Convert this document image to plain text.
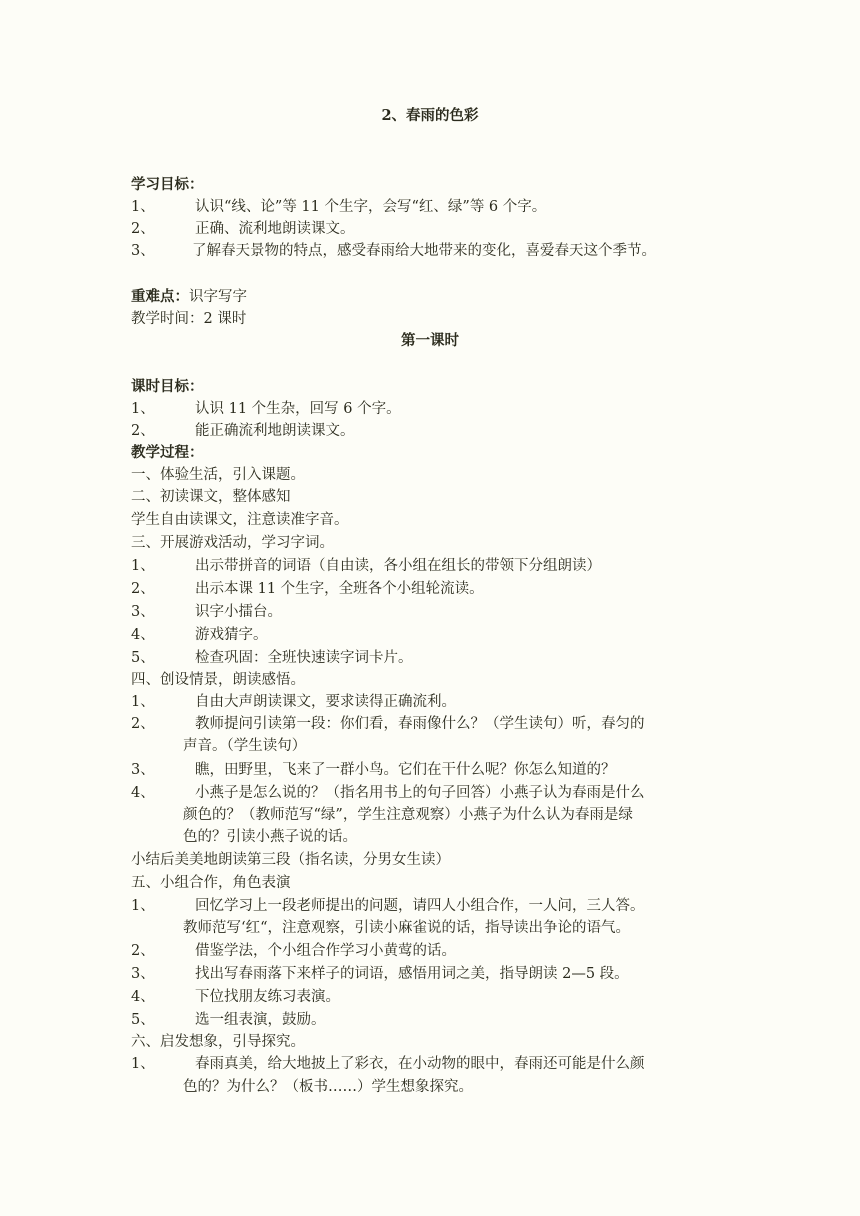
2、春雨的色彩
学习目标：
1、	认识“线、论”等 11 个生字，会写“红、绿”等 6 个字。
2、	正确、流利地朗读课文。
3、	了解春天景物的特点，感受春雨给大地带来的变化，喜爱春天这个季节。
重难点：识字写字
教学时间：2 课时
第一课时
课时目标：
1、	认识 11 个生杂，回写 6 个字。
2、	能正确流利地朗读课文。
教学过程：
一、体验生活，引入课题。
二、初读课文，整体感知
学生自由读课文，注意读准字音。
三、开展游戏活动，学习字词。
1、	出示带拼音的词语（自由读，各小组在组长的带领下分组朗读）
2、	出示本课 11 个生字，全班各个小组轮流读。
3、	识字小擂台。
4、	游戏猜字。
5、	检查巩固：全班快速读字词卡片。
四、创设情景，朗读感悟。
1、	自由大声朗读课文，要求读得正确流利。
2、	教师提问引读第一段：你们看，春雨像什么？（学生读句）听，春匀的
声音。（学生读句）
3、	瞧，田野里，飞来了一群小鸟。它们在干什么呢？你怎么知道的？
4、	小燕子是怎么说的？（指名用书上的句子回答）小燕子认为春雨是什么
颜色的？（教师范写“绿”，学生注意观察）小燕子为什么认为春雨是绿
色的？引读小燕子说的话。
小结后美美地朗读第三段（指名读，分男女生读）
五、小组合作，角色表演
1、	回忆学习上一段老师提出的问题，请四人小组合作，一人问，三人答。
教师范写‘红“，注意观察，引读小麻雀说的话，指导读出争论的语气。
2、	借鉴学法，个小组合作学习小黄莺的话。
3、	找出写春雨落下来样子的词语，感悟用词之美，指导朗读 2—5 段。
4、	下位找朋友练习表演。
5、	选一组表演，鼓励。
六、启发想象，引导探究。
1、	春雨真美，给大地披上了彩衣，在小动物的眼中，春雨还可能是什么颜
色的？为什么？（板书……）学生想象探究。
